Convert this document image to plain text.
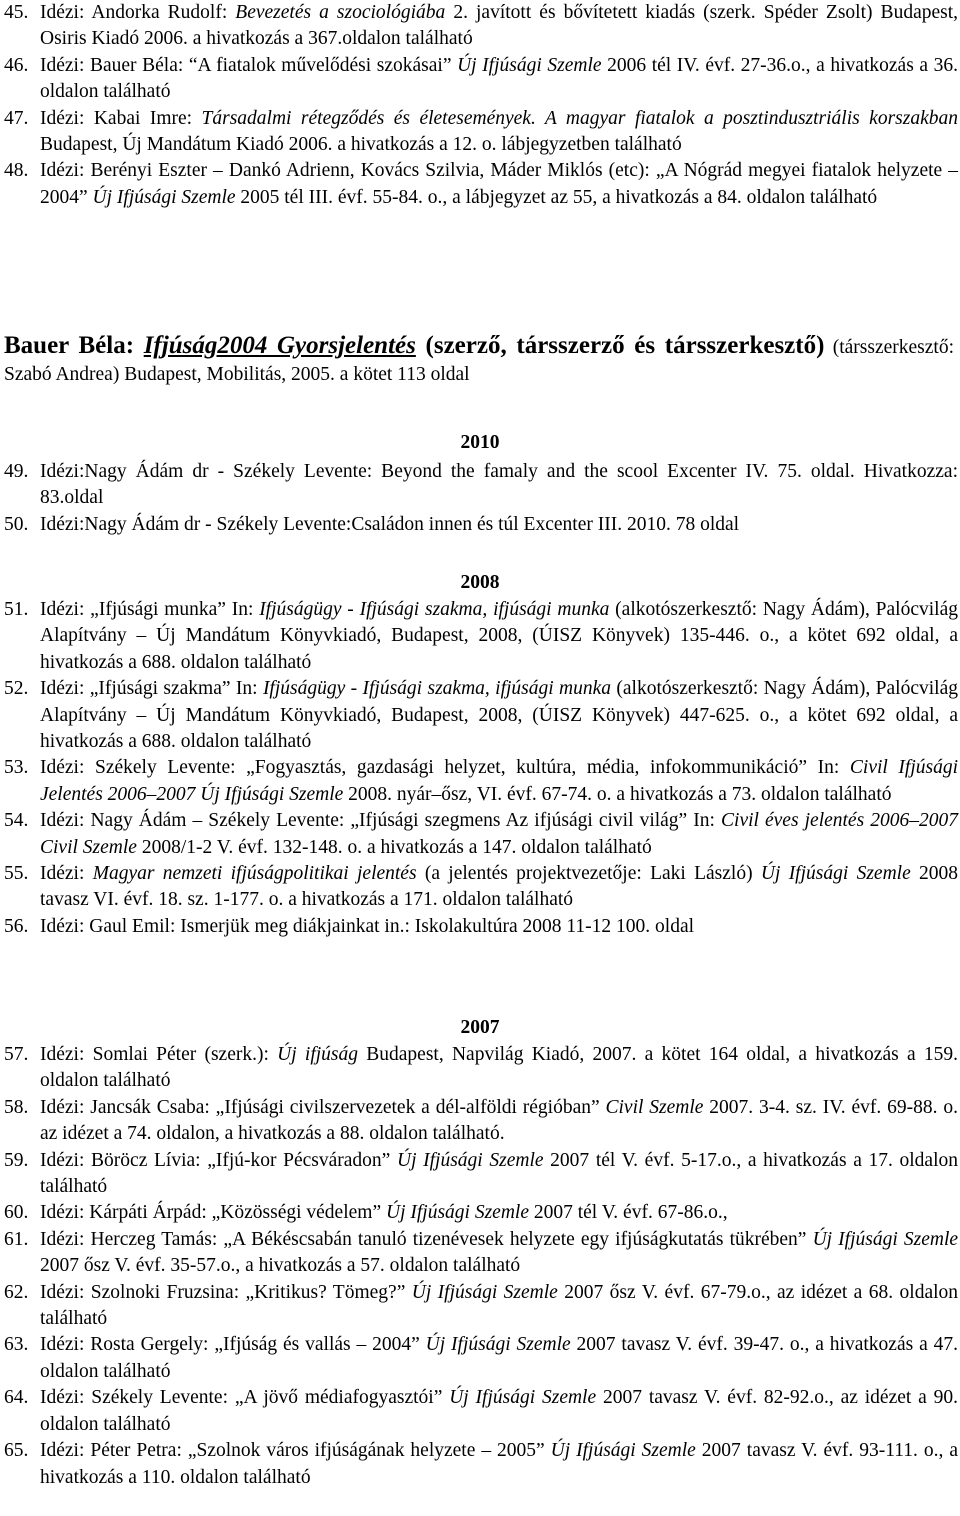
45. Idézi: Andorka Rudolf: Bevezetés a szociológiába 2. javított és bővítetett kiadás (szerk. Spéder Zsolt) Budapest, Osiris Kiadó 2006. a hivatkozás a 367.oldalon található
46. Idézi: Bauer Béla: “A fiatalok művelődési szokásai” Új Ifjúsági Szemle 2006 tél IV. évf. 27-36.o., a hivatkozás a 36. oldalon található
47. Idézi: Kabai Imre: Társadalmi rétegződés és életesemények. A magyar fiatalok a posztindusztriális korszakban Budapest, Új Mandátum Kiadó 2006. a hivatkozás a 12. o. lábjegyzetben található
48. Idézi: Berényi Eszter – Dankó Adrienn, Kovács Szilvia, Máder Miklós (etc): „A Nógrád megyei fiatalok helyzete – 2004” Új Ifjúsági Szemle 2005 tél III. évf. 55-84. o., a lábjegyzet az 55, a hivatkozás a 84. oldalon található
Bauer Béla: Ifjúság2004 Gyorsjelentés (szerző, társszerző és társszerkesztő) (társszerkesztő: Szabó Andrea) Budapest, Mobilitás, 2005. a kötet 113 oldal
2010
49. Idézi:Nagy Ádám dr - Székely Levente: Beyond the famaly and the scool Excenter IV. 75. oldal. Hivatkozza: 83.oldal
50. Idézi:Nagy Ádám dr - Székely Levente:Családon innen és túl Excenter III. 2010. 78 oldal
2008
51. Idézi: „Ifjúsági munka” In: Ifjúságügy - Ifjúsági szakma, ifjúsági munka (alkotószerkesztő: Nagy Ádám), Palócvilág Alapítvány – Új Mandátum Könyvkiadó, Budapest, 2008, (ÚISZ Könyvek) 135-446. o., a kötet 692 oldal, a hivatkozás a 688. oldalon található
52. Idézi: „Ifjúsági szakma” In: Ifjúságügy - Ifjúsági szakma, ifjúsági munka (alkotószerkesztő: Nagy Ádám), Palócvilág Alapítvány – Új Mandátum Könyvkiadó, Budapest, 2008, (ÚISZ Könyvek) 447-625. o., a kötet 692 oldal, a hivatkozás a 688. oldalon található
53. Idézi: Székely Levente: „Fogyasztás, gazdasági helyzet, kultúra, média, infokommunikáció” In: Civil Ifjúsági Jelentés 2006–2007 Új Ifjúsági Szemle 2008. nyár–ősz, VI. évf. 67-74. o. a hivatkozás a 73. oldalon található
54. Idézi: Nagy Ádám – Székely Levente: „Ifjúsági szegmens Az ifjúsági civil világ” In: Civil éves jelentés 2006–2007 Civil Szemle 2008/1-2 V. évf. 132-148. o. a hivatkozás a 147. oldalon található
55. Idézi: Magyar nemzeti ifjúságpolitikai jelentés (a jelentés projektvezetője: Laki László) Új Ifjúsági Szemle 2008 tavasz VI. évf. 18. sz. 1-177. o. a hivatkozás a 171. oldalon található
56. Idézi: Gaul Emil: Ismerjük meg diákjainkat in.: Iskolakultúra 2008 11-12 100. oldal
2007
57. Idézi: Somlai Péter (szerk.): Új ifjúság Budapest, Napvilág Kiadó, 2007. a kötet 164 oldal, a hivatkozás a 159. oldalon található
58. Idézi: Jancsák Csaba: „Ifjúsági civilszervezetek a dél-alföldi régióban” Civil Szemle 2007. 3-4. sz. IV. évf. 69-88. o. az idézet a 74. oldalon, a hivatkozás a 88. oldalon található.
59. Idézi: Böröcz Lívia: „Ifjú-kor Pécsváradon” Új Ifjúsági Szemle 2007 tél V. évf. 5-17.o., a hivatkozás a 17. oldalon található
60. Idézi: Kárpáti Árpád: „Közösségi védelem” Új Ifjúsági Szemle 2007 tél V. évf. 67-86.o.,
61. Idézi: Herczeg Tamás: „A Békéscsabán tanuló tizenévesek helyzete egy ifjúságkutatás tükrében” Új Ifjúsági Szemle 2007 ősz V. évf. 35-57.o., a hivatkozás a 57. oldalon található
62. Idézi: Szolnoki Fruzsina: „Kritikus? Tömeg?” Új Ifjúsági Szemle 2007 ősz V. évf. 67-79.o., az idézet a 68. oldalon található
63. Idézi: Rosta Gergely: „Ifjúság és vallás – 2004” Új Ifjúsági Szemle 2007 tavasz V. évf. 39-47. o., a hivatkozás a 47. oldalon található
64. Idézi: Székely Levente: „A jövő médiafogyasztói” Új Ifjúsági Szemle 2007 tavasz V. évf. 82-92.o., az idézet a 90. oldalon található
65. Idézi: Péter Petra: „Szolnok város ifjúságának helyzete – 2005” Új Ifjúsági Szemle 2007 tavasz V. évf. 93-111. o., a hivatkozás a 110. oldalon található
